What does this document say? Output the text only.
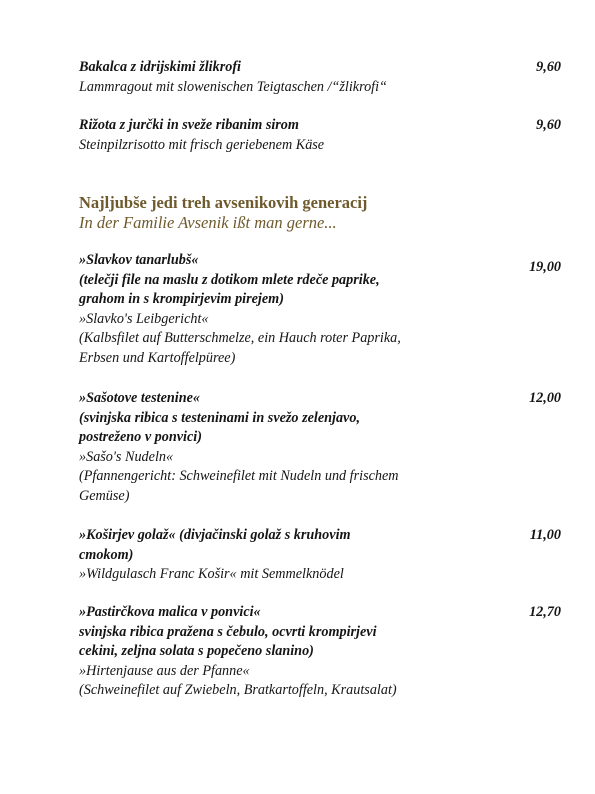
Bakalca z idrijskimi žlikrofi
Lammragout mit slowenischen Teigtaschen /“žlikrofi“
9,60
Rižota z jurčki in sveže ribanim sirom
Steinpilzrisotto mit frisch geriebenem Käse
9,60
Najljubše jedi treh avsenikovih generacij
In der Familie Avsenik ißt man gerne...
»Slavkov tanarlubš«
(telečji file na maslu z dotikom mlete rdeče paprike,
grahom in s krompirjevim pirejem)
»Slavko's Leibgericht«
(Kalbsfilet auf Butterschmelze, ein Hauch roter Paprika,
Erbsen und Kartoffelpüree)
19,00
»Sašotove testenine«
(svinjska ribica s testeninami in svežo zelenjavo,
postreženo v ponvici)
»Sašo's Nudeln«
(Pfannengericht: Schweinefilet mit Nudeln und frischem
Gemüse)
12,00
»Koširjev golaž« (divjačinski golaž s kruhovim
cmokom)
»Wildgulasch Franc Košir« mit Semmelknödel
11,00
»Pastirčkova malica v ponvici«
svinjska ribica pražena s čebulo, ocvrti krompirjevi
cekini, zeljna solata s popečeno slanino)
»Hirtenjause aus der Pfanne«
(Schweinefilet auf Zwiebeln, Bratkartoffeln, Krautsalat)
12,70
